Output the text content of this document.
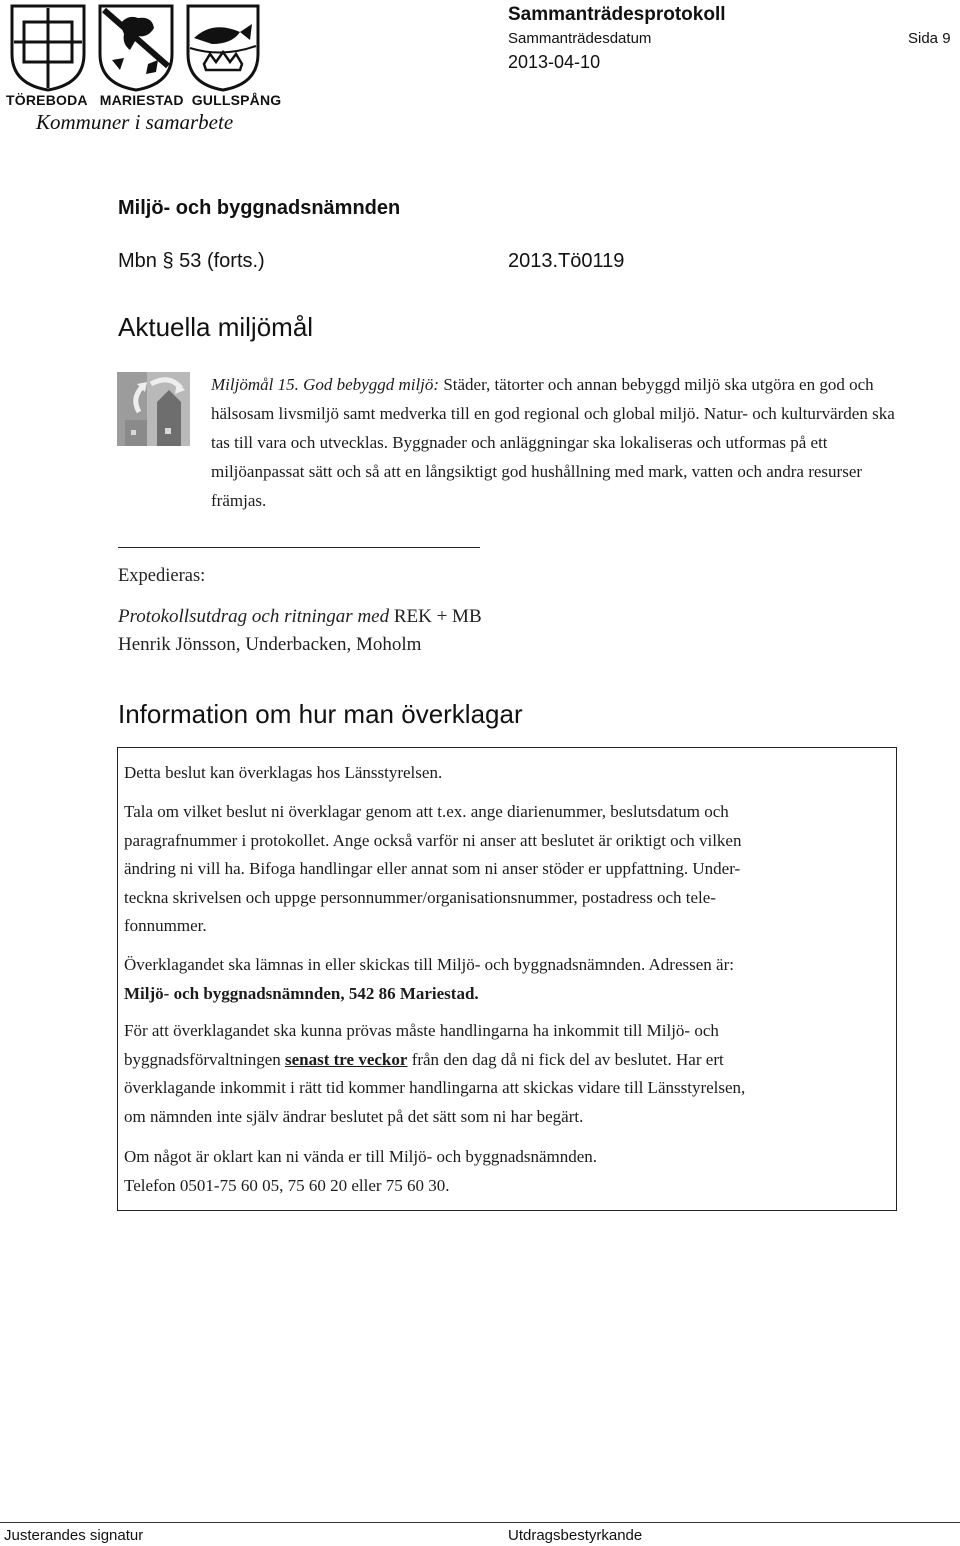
TÖREBODA MARIESTAD GULLSPÅNG
Kommuner i samarbete
Sammanträdesprotokoll
Sammanträdesdatum	Sida 9
2013-04-10
Miljö- och byggnadsnämnden
Mbn § 53 (forts.)	2013.Tö0119
Aktuella miljömål
Miljömål 15. God bebyggd miljö: Städer, tätorter och annan bebyggd miljö ska utgöra en god och hälsosam livsmiljö samt medverka till en god regional och global miljö. Natur- och kulturvärden ska tas till vara och utvecklas. Byggnader och anläggningar ska lokaliseras och utformas på ett miljöanpassat sätt och så att en långsiktigt god hushållning med mark, vatten och andra resurser främjas.
Expedieras:
Protokollsutdrag och ritningar med REK + MB
Henrik Jönsson, Underbacken, Moholm
Information om hur man överklagar
Detta beslut kan överklagas hos Länsstyrelsen.
Tala om vilket beslut ni överklagar genom att t.ex. ange diarienummer, beslutsdatum och
paragrafnummer i protokollet. Ange också varför ni anser att beslutet är oriktigt och vilken
ändring ni vill ha. Bifoga handlingar eller annat som ni anser stöder er uppfattning. Under-
teckna skrivelsen och uppge personnummer/organisationsnummer, postadress och tele-
fonnummer.
Överklagandet ska lämnas in eller skickas till Miljö- och byggnadsnämnden. Adressen är:
Miljö- och byggnadsnämnden, 542 86 Mariestad.
För att överklagandet ska kunna prövas måste handlingarna ha inkommit till Miljö- och
byggnadsförvaltningen senast tre veckor från den dag då ni fick del av beslutet. Har ert
överklagande inkommit i rätt tid kommer handlingarna att skickas vidare till Länsstyrelsen,
om nämnden inte själv ändrar beslutet på det sätt som ni har begärt.
Om något är oklart kan ni vända er till Miljö- och byggnadsnämnden.
Telefon 0501-75 60 05, 75 60 20 eller 75 60 30.
Justerandes signatur	Utdragsbestyrkande
